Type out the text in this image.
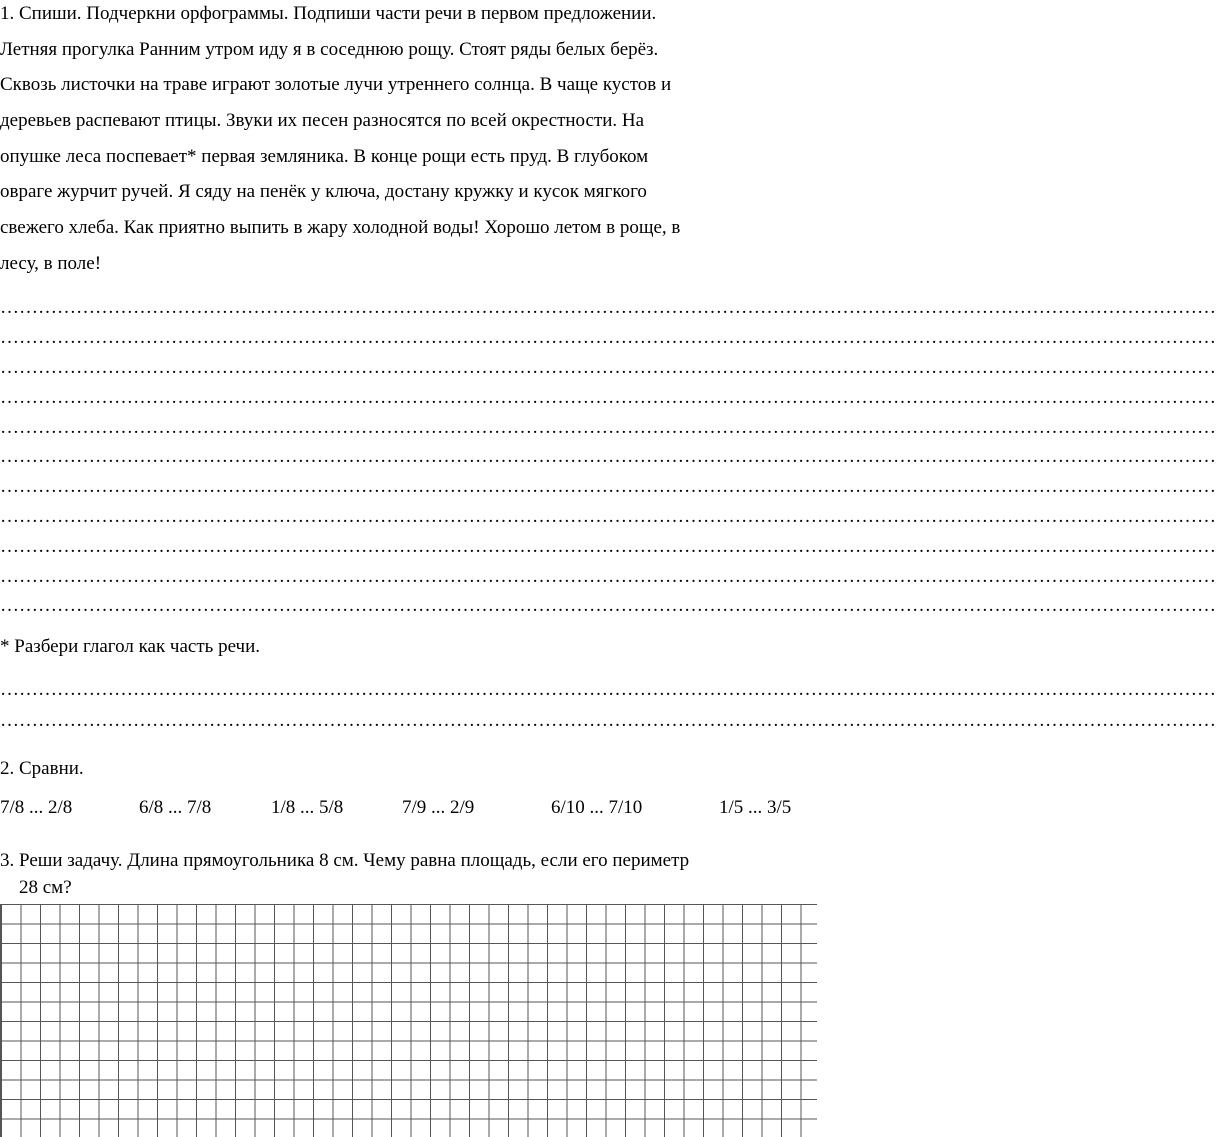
1. Спиши. Подчеркни орфограммы. Подпиши части речи в первом предложении.
Летняя прогулка Ранним утром иду я в соседнюю рощу. Стоят ряды белых берёз.
Сквозь листочки на траве играют золотые лучи утреннего солнца. В чаще кустов и
деревьев распевают птицы. Звуки их песен разносятся по всей окрестности. На
опушке леса поспевает* первая земляника. В конце рощи есть пруд. В глубоком
овраге журчит ручей. Я сяду на пенёк у ключа, достану кружку и кусок мягкого
свежего хлеба. Как приятно выпить в жару холодной воды! Хорошо летом в роще, в
лесу, в поле!
…………………………………………………………………………………………………………………………………………………………………………
…………………………………………………………………………………………………………………………………………………………………………
…………………………………………………………………………………………………………………………………………………………………………
…………………………………………………………………………………………………………………………………………………………………………
…………………………………………………………………………………………………………………………………………………………………………
…………………………………………………………………………………………………………………………………………………………………………
…………………………………………………………………………………………………………………………………………………………………………
…………………………………………………………………………………………………………………………………………………………………………
…………………………………………………………………………………………………………………………………………………………………………
…………………………………………………………………………………………………………………………………………………………………………
…………………………………………………………………………………………………………………………………………………………………………
* Разбери глагол как часть речи.
…………………………………………………………………………………………………………………………………………………………………………
…………………………………………………………………………………………………………………………………………………………………………
2. Сравни.
7/8 ... 2/8	6/8 ... 7/8	1/8 ... 5/8	7/9 ... 2/9	6/10 ... 7/10	1/5 ... 3/5
3. Реши задачу. Длина прямоугольника 8 см. Чему равна площадь, если его периметр
28 см?
